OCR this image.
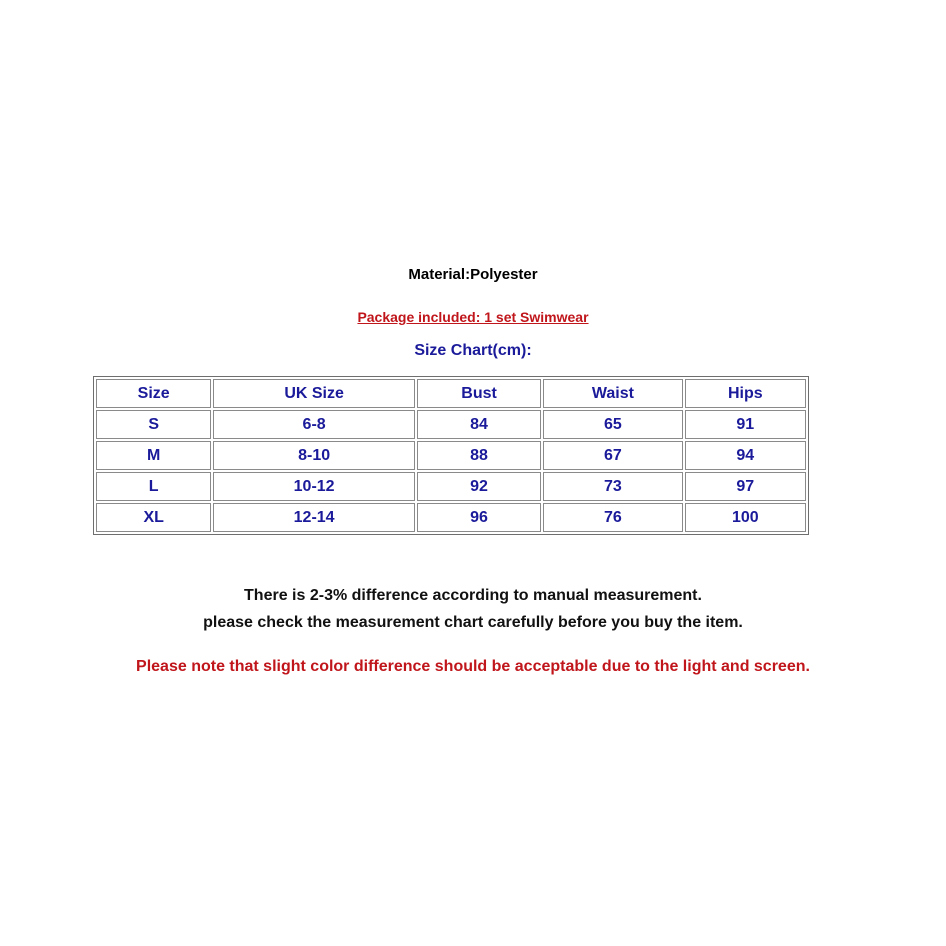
Material:Polyester
Package included: 1 set Swimwear
Size Chart(cm):
Size	UK Size	Bust	Waist	Hips
S	6-8	84	65	91
M	8-10	88	67	94
L	10-12	92	73	97
XL	12-14	96	76	100
There is 2-3% difference according to manual measurement.
please check the measurement chart carefully before you buy the item.
Please note that slight color difference should be acceptable due to the light and screen.
